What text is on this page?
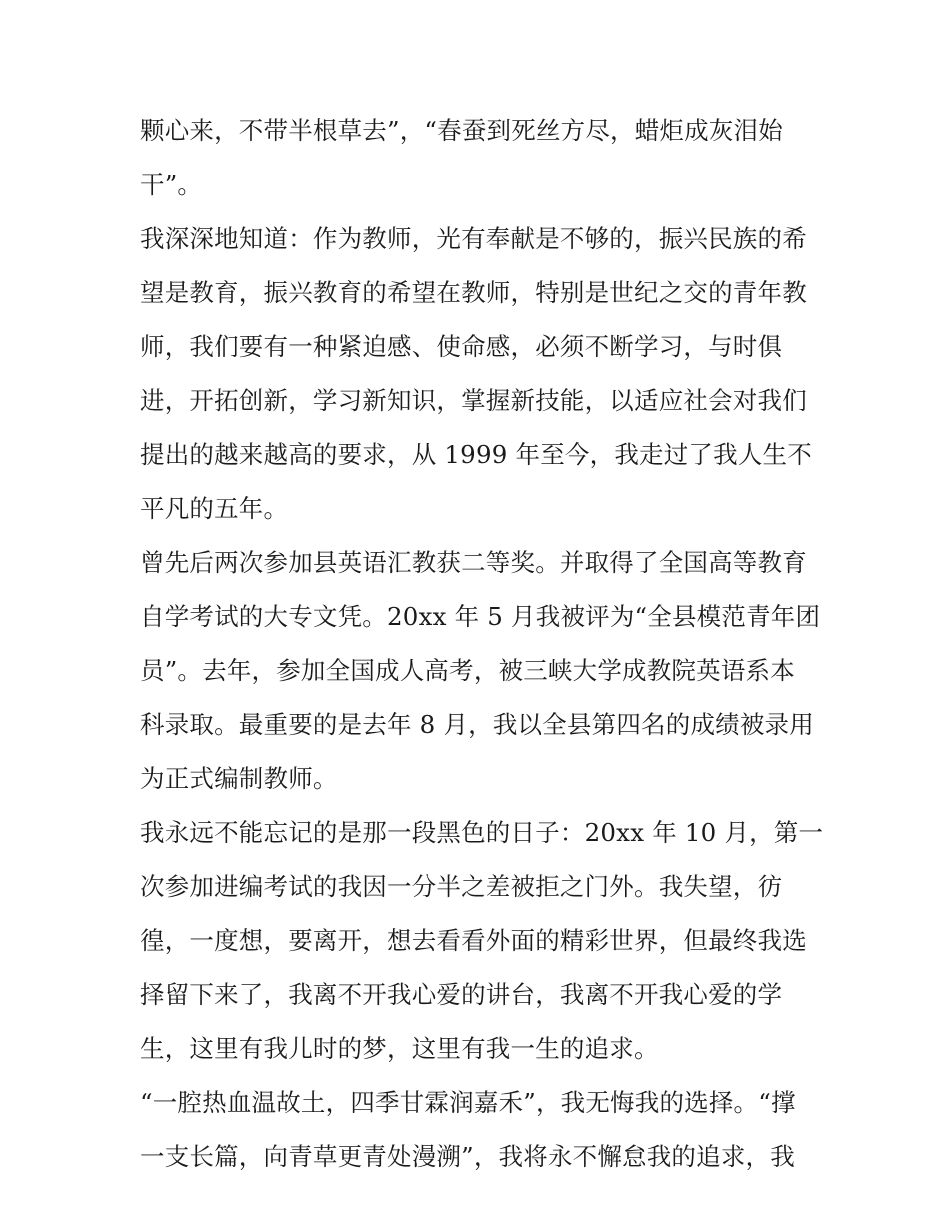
颗心来，不带半根草去”，“春蚕到死丝方尽，蜡炬成灰泪始
干”。
我深深地知道：作为教师，光有奉献是不够的，振兴民族的希
望是教育，振兴教育的希望在教师，特别是世纪之交的青年教
师，我们要有一种紧迫感、使命感，必须不断学习，与时俱
进，开拓创新，学习新知识，掌握新技能，以适应社会对我们
提出的越来越高的要求，从 1999 年至今，我走过了我人生不
平凡的五年。
曾先后两次参加县英语汇教获二等奖。并取得了全国高等教育
自学考试的大专文凭。20xx 年 5 月我被评为“全县模范青年团
员”。去年，参加全国成人高考，被三峡大学成教院英语系本
科录取。最重要的是去年 8 月，我以全县第四名的成绩被录用
为正式编制教师。
我永远不能忘记的是那一段黑色的日子：20xx 年 10 月，第一
次参加进编考试的我因一分半之差被拒之门外。我失望，彷
徨，一度想，要离开，想去看看外面的精彩世界，但最终我选
择留下来了，我离不开我心爱的讲台，我离不开我心爱的学
生，这里有我儿时的梦，这里有我一生的追求。
“一腔热血温故土，四季甘霖润嘉禾”，我无悔我的选择。“撑
一支长篇，向青草更青处漫溯”，我将永不懈怠我的追求，我
